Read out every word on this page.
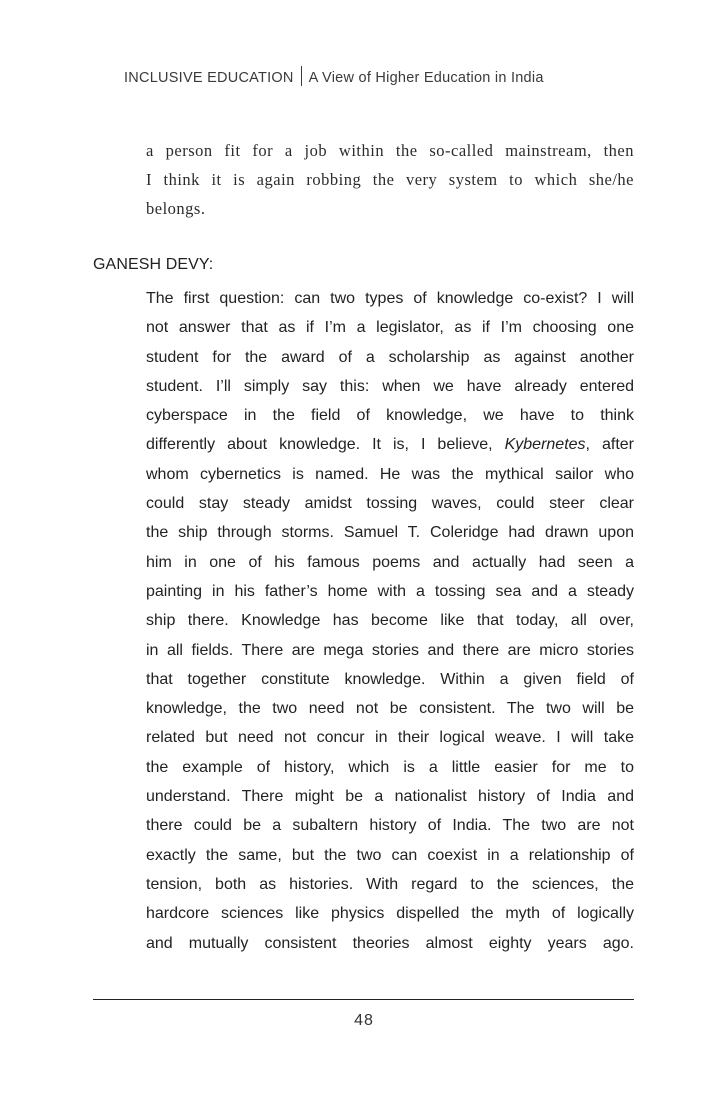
INCLUSIVE EDUCATION A View of Higher Education in India
a person fit for a job within the so-called mainstream, then
I think it is again robbing the very system to which she/he
belongs.
GANESH DEVY:
The first question: can two types of knowledge co-exist? I will
not answer that as if I’m a legislator, as if I’m choosing one
student for the award of a scholarship as against another
student. I’ll simply say this: when we have already entered
cyberspace in the field of knowledge, we have to think
differently about knowledge. It is, I believe, Kybernetes, after
whom cybernetics is named. He was the mythical sailor who
could stay steady amidst tossing waves, could steer clear
the ship through storms. Samuel T. Coleridge had drawn upon
him in one of his famous poems and actually had seen a
painting in his father’s home with a tossing sea and a steady
ship there. Knowledge has become like that today, all over,
in all fields. There are mega stories and there are micro stories
that together constitute knowledge. Within a given field of
knowledge, the two need not be consistent. The two will be
related but need not concur in their logical weave. I will take
the example of history, which is a little easier for me to
understand. There might be a nationalist history of India and
there could be a subaltern history of India. The two are not
exactly the same, but the two can coexist in a relationship of
tension, both as histories. With regard to the sciences, the
hardcore sciences like physics dispelled the myth of logically
and mutually consistent theories almost eighty years ago.
48
